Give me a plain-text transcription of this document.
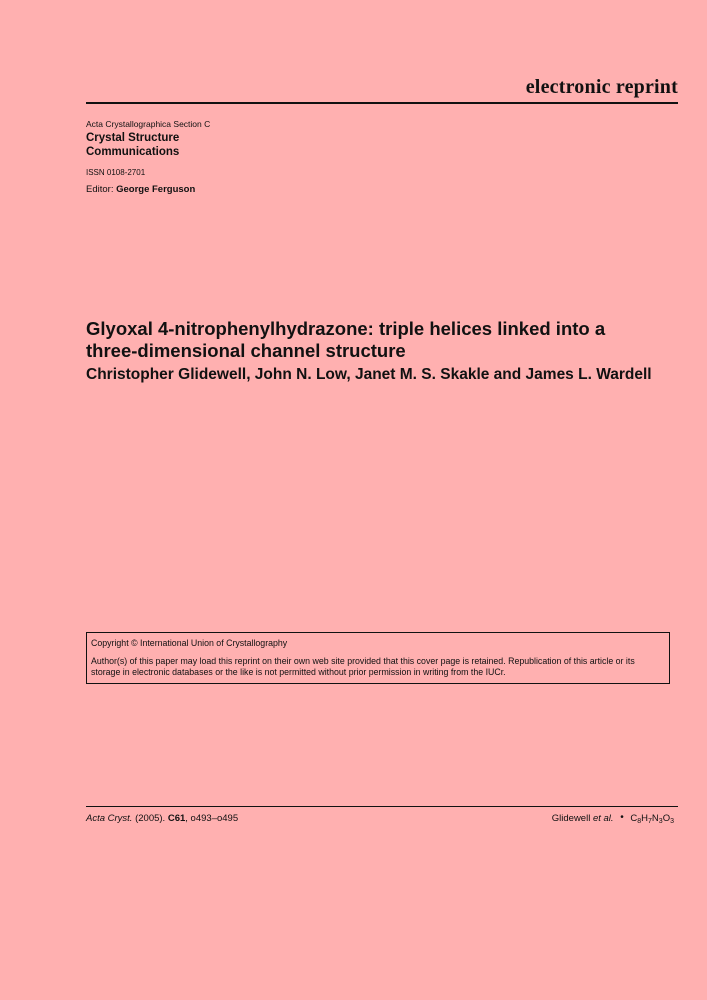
electronic reprint
Acta Crystallographica Section C
Crystal Structure
Communications
ISSN 0108-2701
Editor: George Ferguson
Glyoxal 4-nitrophenylhydrazone: triple helices linked into a
three-dimensional channel structure
Christopher Glidewell, John N. Low, Janet M. S. Skakle and James L. Wardell
Copyright © International Union of Crystallography
Author(s) of this paper may load this reprint on their own web site provided that this cover page is retained. Republication of this article or its storage in electronic databases or the like is not permitted without prior permission in writing from the IUCr.
Acta Cryst. (2005). C61, o493–o495	Glidewell et al. • $C_8H_7N_3O_3$
